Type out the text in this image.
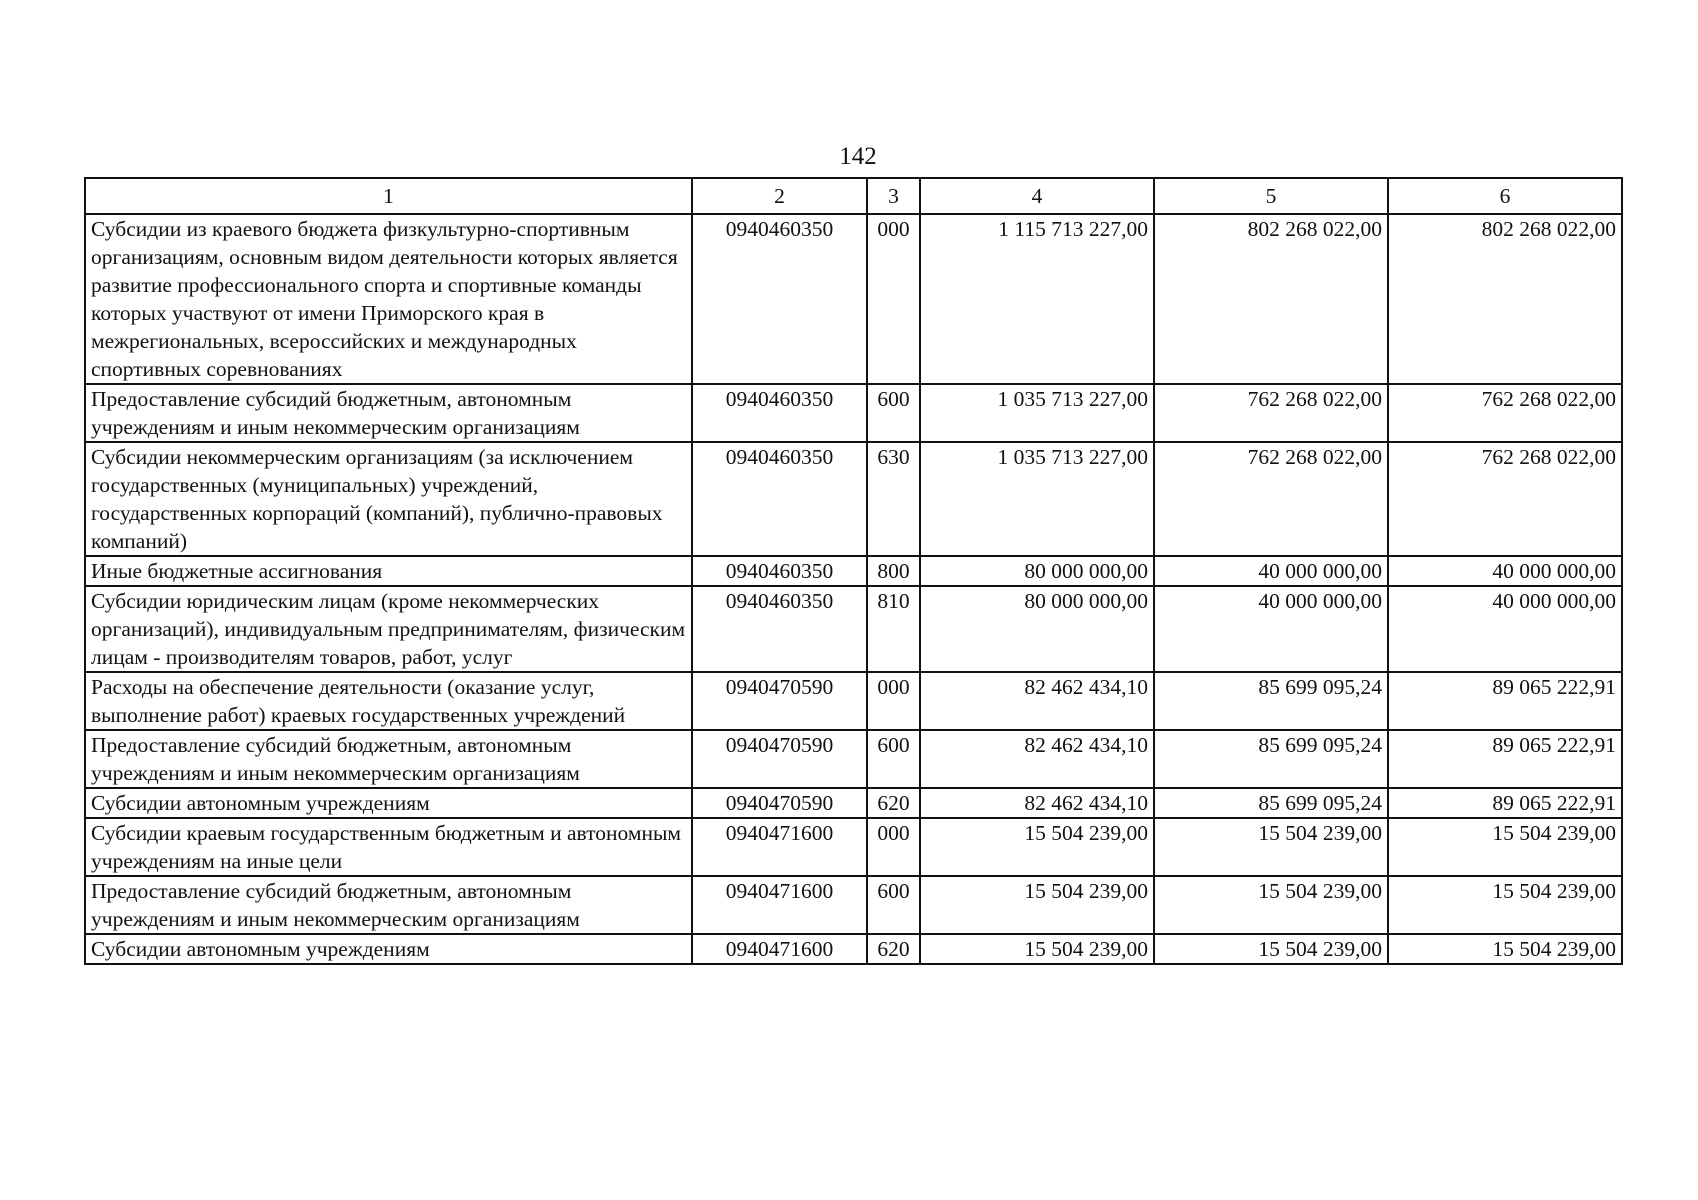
142
1	2	3	4	5	6
Субсидии из краевого бюджета физкультурно-спортивным организациям, основным видом деятельности которых является развитие профессионального спорта и спортивные команды которых участвуют от имени Приморского края в межрегиональных, всероссийских и международных спортивных соревнованиях	0940460350	000	1 115 713 227,00	802 268 022,00	802 268 022,00
Предоставление субсидий бюджетным, автономным учреждениям и иным некоммерческим организациям	0940460350	600	1 035 713 227,00	762 268 022,00	762 268 022,00
Субсидии некоммерческим организациям (за исключением государственных (муниципальных) учреждений, государственных корпораций (компаний), публично-правовых компаний)	0940460350	630	1 035 713 227,00	762 268 022,00	762 268 022,00
Иные бюджетные ассигнования	0940460350	800	80 000 000,00	40 000 000,00	40 000 000,00
Субсидии юридическим лицам (кроме некоммерческих организаций), индивидуальным предпринимателям, физическим лицам - производителям товаров, работ, услуг	0940460350	810	80 000 000,00	40 000 000,00	40 000 000,00
Расходы на обеспечение деятельности (оказание услуг, выполнение работ) краевых государственных учреждений	0940470590	000	82 462 434,10	85 699 095,24	89 065 222,91
Предоставление субсидий бюджетным, автономным учреждениям и иным некоммерческим организациям	0940470590	600	82 462 434,10	85 699 095,24	89 065 222,91
Субсидии автономным учреждениям	0940470590	620	82 462 434,10	85 699 095,24	89 065 222,91
Субсидии краевым государственным бюджетным и автономным учреждениям на иные цели	0940471600	000	15 504 239,00	15 504 239,00	15 504 239,00
Предоставление субсидий бюджетным, автономным учреждениям и иным некоммерческим организациям	0940471600	600	15 504 239,00	15 504 239,00	15 504 239,00
Субсидии автономным учреждениям	0940471600	620	15 504 239,00	15 504 239,00	15 504 239,00
